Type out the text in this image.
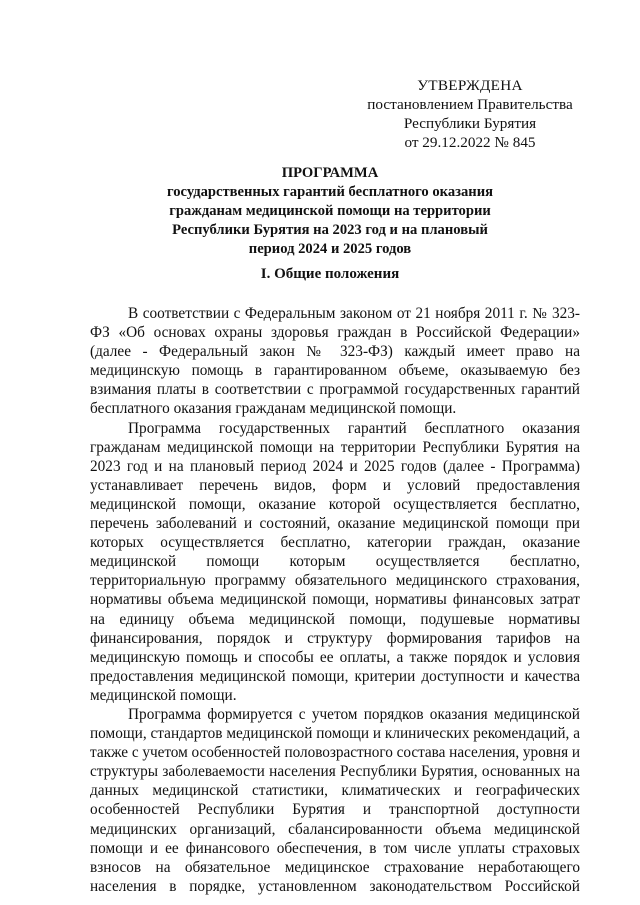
УТВЕРЖДЕНА
постановлением Правительства
Республики Бурятия
от 29.12.2022 № 845
ПРОГРАММА
государственных гарантий бесплатного оказания
гражданам медицинской помощи на территории
Республики Бурятия на 2023 год и на плановый
период 2024 и 2025 годов
I. Общие положения

В соответствии с Федеральным законом от 21 ноября 2011 г. № 323-
ФЗ «Об основах охраны здоровья граждан в Российской Федерации»
(далее - Федеральный закон № 323-ФЗ) каждый имеет право на
медицинскую помощь в гарантированном объеме, оказываемую без
взимания платы в соответствии с программой государственных гарантий
бесплатного оказания гражданам медицинской помощи.

Программа государственных гарантий бесплатного оказания
гражданам медицинской помощи на территории Республики Бурятия на
2023 год и на плановый период 2024 и 2025 годов (далее - Программа)
устанавливает перечень видов, форм и условий предоставления
медицинской помощи, оказание которой осуществляется бесплатно,
перечень заболеваний и состояний, оказание медицинской помощи при
которых осуществляется бесплатно, категории граждан, оказание
медицинской помощи которым осуществляется бесплатно,
территориальную программу обязательного медицинского страхования,
нормативы объема медицинской помощи, нормативы финансовых затрат
на единицу объема медицинской помощи, подушевые нормативы
финансирования, порядок и структуру формирования тарифов на
медицинскую помощь и способы ее оплаты, а также порядок и условия
предоставления медицинской помощи, критерии доступности и качества
медицинской помощи.

Программа формируется с учетом порядков оказания медицинской
помощи, стандартов медицинской помощи и клинических рекомендаций, а
также с учетом особенностей половозрастного состава населения, уровня и
структуры заболеваемости населения Республики Бурятия, основанных на
данных медицинской статистики, климатических и географических
особенностей Республики Бурятия и транспортной доступности
медицинских организаций, сбалансированности объема медицинской
помощи и ее финансового обеспечения, в том числе уплаты страховых
взносов на обязательное медицинское страхование неработающего
населения в порядке, установленном законодательством Российской
